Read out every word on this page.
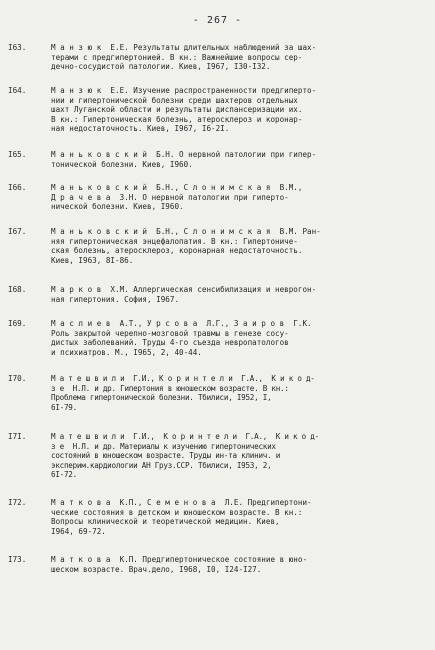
- 267 -
I63.	М а н з ю к  Е.Е. Результаты длительных наблюдений за шах-
терами с предгипертонией. В кн.: Важнейшие вопросы сер-
дечно-сосудистой патологии. Киев, I967, I30-I32.
I64.	М а н з ю к  Е.Е. Изучение распространенности предгиперто-
нии и гипертонической болезни среди шахтеров отдельных
шахт Луганской области и результаты диспансеризации их.
В кн.: Гипертоническая болезнь, атеросклероз и коронар-
ная недостаточность. Киев, I967, I6-2I.
I65.	М а н ь к о в с к и й  Б.Н. О нервной патологии при гипер-
тонической болезни. Киев, I960.
I66.	М а н ь к о в с к и й  Б.Н., С л о н и м с к а я  В.М.,
Д р а ч е в а  З.Н. О нервной патологии при гиперто-
нической болезни. Киев, I960.
I67.	М а н ь к о в с к и й  Б.Н., С л о н и м с к а я  В.М. Ран-
няя гипертоническая энцефалопатия. В кн.: Гипертониче-
ская болезнь, атеросклероз, коронарная недостаточность.
Киев, I963, 8I-86.
I68.	М а р к о в  Х.М. Аллергическая сенсибилизация и неврогон-
ная гипертония. София, I967.
I69.	М а с л и е в  А.Т., У р с о в а  Л.Г., З а и р о в  Г.К.
Роль закрытой черепно-мозговой травмы в генезе сосу-
дистых заболеваний. Труды 4-го съезда невропатологов
и психиатров. М., I965, 2, 40-44.
I70.	М а т е ш в и л и  Г.И., К о р и н т е л и  Г.А.,  К и к о д-
з е  Н.Л. и др. Гипертония в юношеском возрасте. В кн.:
Проблема гипертонической болезни. Тбилиси, I952, I,
6I-79.
I7I.	М а т е ш в и л и  Г.И.,  К о р и н т е л и  Г.А.,  К и к о д-
з е  Н.Л. и др. Материалы к изучению гипертонических
состояний в юношеском возрасте. Труды ин-та клинич. и
эксперим.кардиологии АН Груз.ССР. Тбилиси, I953, 2,
6I-72.
I72.	М а т к о в а  К.П., С е м е н о в а  Л.Е. Предгипертони-
ческие состояния в детском и юношеском возрасте. В кн.:
Вопросы клинической и теоретической медицин. Киев,
I964, 69-72.
I73.	М а т к о в а  К.П. Предгипертоническое состояние в юно-
шеском возрасте. Врач.дело, I968, I0, I24-I27.
